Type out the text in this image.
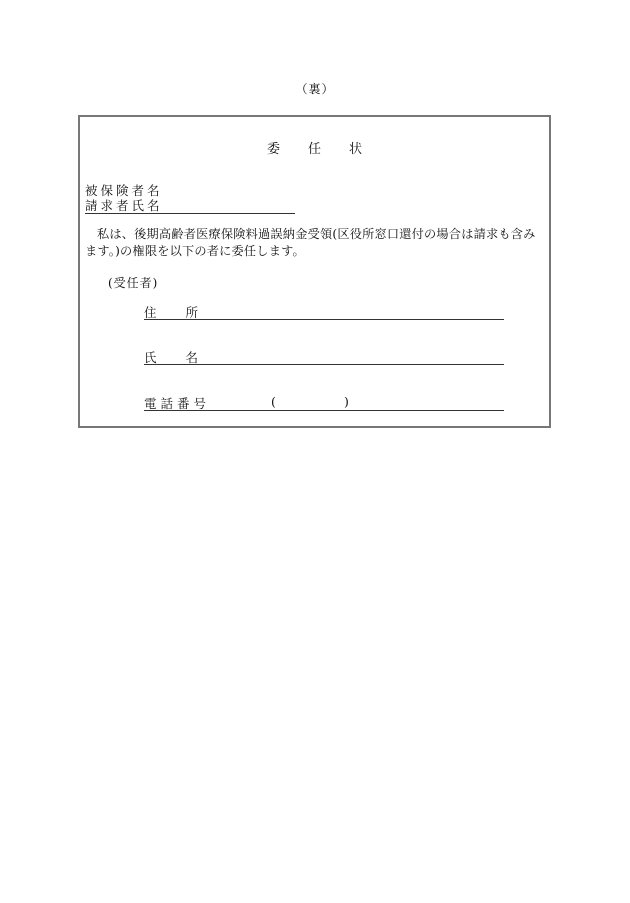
（裏）
委任状
被保険者名
請求者氏名
私は、後期高齢者医療保険料過誤納金受領(区役所窓口還付の場合は請求も含みます。)の権限を以下の者に委任します。
(受任者)
住 所
氏 名
電話番号	(	)
